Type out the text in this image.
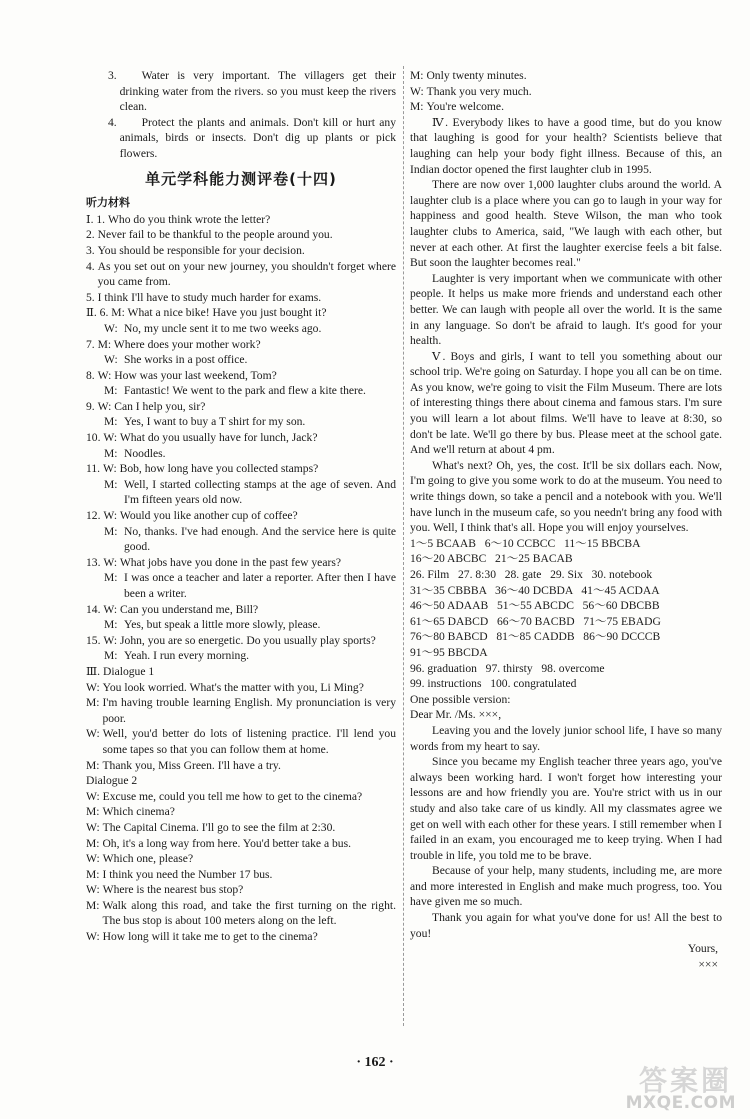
3.	Water is very important. The villagers get their drinking water from the rivers. so you must keep the rivers clean.
4.	Protect the plants and animals. Don't kill or hurt any animals, birds or insects. Don't dig up plants or pick flowers.
单元学科能力测评卷(十四)
听力材料
Ⅰ. 1. Who do you think wrote the letter?
2. Never fail to be thankful to the people around you.
3. You should be responsible for your decision.
4. As you set out on your new journey, you shouldn't forget where you came from.
5. I think I'll have to study much harder for exams.
Ⅱ. 6. M: What a nice bike! Have you just bought it?
W: No, my uncle sent it to me two weeks ago.
7. M: Where does your mother work?
W: She works in a post office.
8. W: How was your last weekend, Tom?
M: Fantastic! We went to the park and flew a kite there.
9. W: Can I help you, sir?
M: Yes, I want to buy a T shirt for my son.
10. W: What do you usually have for lunch, Jack?
M: Noodles.
11. W: Bob, how long have you collected stamps?
M: Well, I started collecting stamps at the age of seven. And I'm fifteen years old now.
12. W: Would you like another cup of coffee?
M: No, thanks. I've had enough. And the service here is quite good.
13. W: What jobs have you done in the past few years?
M: I was once a teacher and later a reporter. After then I have been a writer.
14. W: Can you understand me, Bill?
M: Yes, but speak a little more slowly, please.
15. W: John, you are so energetic. Do you usually play sports?
M: Yeah. I run every morning.
Ⅲ. Dialogue 1
W: You look worried. What's the matter with you, Li Ming?
M: I'm having trouble learning English. My pronunciation is very poor.
W: Well, you'd better do lots of listening practice. I'll lend you some tapes so that you can follow them at home.
M: Thank you, Miss Green. I'll have a try.
Dialogue 2
W: Excuse me, could you tell me how to get to the cinema?
M: Which cinema?
W: The Capital Cinema. I'll go to see the film at 2:30.
M: Oh, it's a long way from here. You'd better take a bus.
W: Which one, please?
M: I think you need the Number 17 bus.
W: Where is the nearest bus stop?
M: Walk along this road, and take the first turning on the right. The bus stop is about 100 meters along on the left.
W: How long will it take me to get to the cinema?
M: Only twenty minutes.
W: Thank you very much.
M: You're welcome.
Ⅳ. Everybody likes to have a good time, but do you know that laughing is good for your health? Scientists believe that laughing can help your body fight illness. Because of this, an Indian doctor opened the first laughter club in 1995.
There are now over 1,000 laughter clubs around the world. A laughter club is a place where you can go to laugh in your way for happiness and good health. Steve Wilson, the man who took laughter clubs to America, said, "We laugh with each other, but never at each other. At first the laughter exercise feels a bit false. But soon the laughter becomes real."
Laughter is very important when we communicate with other people. It helps us make more friends and understand each other better. We can laugh with people all over the world. It is the same in any language. So don't be afraid to laugh. It's good for your health.
Ⅴ. Boys and girls, I want to tell you something about our school trip. We're going on Saturday. I hope you all can be on time. As you know, we're going to visit the Film Museum. There are lots of interesting things there about cinema and famous stars. I'm sure you will learn a lot about films. We'll have to leave at 8:30, so don't be late. We'll go there by bus. Please meet at the school gate. And we'll return at about 4 pm.
What's next? Oh, yes, the cost. It'll be six dollars each. Now, I'm going to give you some work to do at the museum. You need to write things down, so take a pencil and a notebook with you. We'll have lunch in the museum cafe, so you needn't bring any food with you. Well, I think that's all. Hope you will enjoy yourselves.
1～5 BCAAB   6～10 CCBCC   11～15 BBCBA
16～20 ABCBC   21～25 BACAB
26. Film   27. 8:30   28. gate   29. Six   30. notebook
31～35 CBBBA   36～40 DCBDA   41～45 ACDAA
46～50 ADAAB   51～55 ABCDC   56～60 DBCBB
61～65 DABCD   66～70 BACBD   71～75 EBADG
76～80 BABCD   81～85 CADDB   86～90 DCCCB
91～95 BBCDA
96. graduation   97. thirsty   98. overcome
99. instructions   100. congratulated
One possible version:
Dear Mr. /Ms. ×××,
Leaving you and the lovely junior school life, I have so many words from my heart to say.
Since you became my English teacher three years ago, you've always been working hard. I won't forget how interesting your lessons are and how friendly you are. You're strict with us in our study and also take care of us kindly. All my classmates agree we get on well with each other for these years. I still remember when I failed in an exam, you encouraged me to keep trying. When I had trouble in life, you told me to be brave.
Because of your help, many students, including me, are more and more interested in English and make much progress, too. You have given me so much.
Thank you again for what you've done for us! All the best to you!
Yours,
×××
· 162 ·
答案圈
MXQE.COM
